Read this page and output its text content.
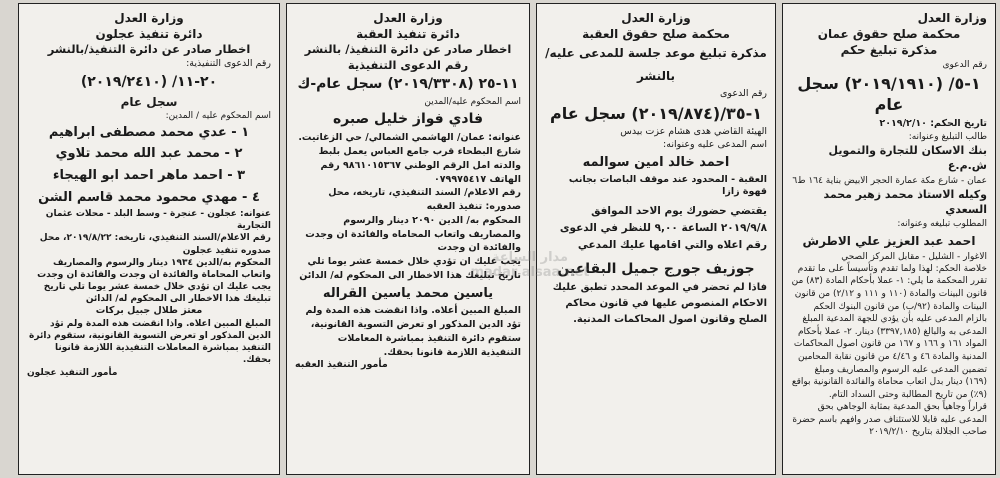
وزارة العدل
محكمة صلح حقوق عمان
مذكرة تبليغ حكم
رقم الدعوى
١-٥/ (٢٠١٩/١٩١٠) سجل عام
تاريخ الحكم: ٢٠١٩/٢/١٠
طالب التبليغ وعنوانه:
بنك الاسكان للتجارة والتمويل ش.م.ع
عمان - شارع مكة عمارة الحجر الابيض بناية ١٦٤ ط٦
وكيله الاستاذ محمد زهير محمد السعدي
المطلوب تبليغه وعنوانه:
احمد عبد العزيز علي الاطرش
الاغوار - الشليل - مقابل المركز الصحي
خلاصة الحكم: لهذا ولما تقدم وتأسيساً على ما تقدم تقرر المحكمة ما يلي: ١- عملا بأحكام المادة (٨٣) من قانون البينات والمادة (١١٠ و ١١١ و ٢/١٢) من قانون البينات والمادة (٩٢/ب) من قانون البنوك الحكم بالزام المدعى عليه بأن يؤدي للجهة المدعية المبلغ المدعى به والبالغ (٣٣٩٧,١٨٥) دينار. ٢- عملا بأحكام المواد ١٦١ و ١٦٦ و ١٦٧ من قانون اصول المحاكمات المدنية والمادة ٤٦ و ٤/٤٦ من قانون نقابة المحامين تضمين المدعى عليه الرسوم والمصاريف ومبلغ (١٦٩) دينار بدل اتعاب محاماة والفائدة القانونية بواقع (٩٪) من تاريخ المطالبة وحتى السداد التام.
قراراً وجاهياً بحق المدعية بمثابة الوجاهي بحق المدعى عليه قابلا للاستئناف صدر وافهم باسم حضرة صاحب الجلالة بتاريخ ٢٠١٩/٢/١٠
وزارة العدل
محكمة صلح حقوق العقبة
مذكرة تبليغ موعد جلسة للمدعى عليه/بالنشر
رقم الدعوى
١-٣٥/(٢٠١٩/٨٧٤) سجل عام
الهيئة القاضي هدى هشام عزت بيدس
اسم المدعى عليه وعنوانه:
احمد خالد امين سوالمه
العقبة - المحدود عند موقف الباصات بجانب قهوة زازا
يقتضي حضورك يوم الاحد الموافق ٢٠١٩/٩/٨ الساعة ٩,٠٠ للنظر في الدعوى رقم اعلاه والتي اقامها عليك المدعي
جوزيف جورج جميل البقاعين
فاذا لم تحضر في الموعد المحدد تطبق عليك الاحكام المنصوص عليها في قانون محاكم الصلح وقانون اصول المحاكمات المدنية.
وزارة العدل
دائرة تنفيذ العقبة
اخطار صادر عن دائرة التنفيذ/ بالنشر
رقم الدعوى التنفيذية
١١-٢٥ (٢٠١٩/٣٣٠٨) سجل عام-ك
اسم المحكوم عليه/المدين
فادي فواز خليل صبره
عنوانه: عمان/ الهاشمي الشمالي/ حي الزغاتيت. شارع البطحاء قرب جامع العباس يعمل بلبط والدته امل الرقم الوطني ٩٨٦١٠١٥٣٦٧ رقم الهاتف ٠٧٩٩٧٥٤١٧
رقم الاعلام/ السند التنفيذي، تاريخه، محل صدوره: تنفيذ العقبه
المحكوم به/ الدين ٢٠٩٠ دينار والرسوم والمصاريف واتعاب المحاماه والفائدة ان وجدت والفائدة ان وجدت
يجب عليك ان تؤدي خلال خمسة عشر يوما تلي تاريخ تبليغك هذا الاخطار الى المحكوم له/ الدائن
ياسين محمد ياسين القراله
المبلغ المبين أعلاه. واذا انقضت هذه المدة ولم تؤد الدين المذكور او تعرض التسوية القانونية، ستقوم دائرة التنفيذ بمباشرة المعاملات التنفيذية اللازمة قانونا بحقك.
مأمور التنفيذ العقبه
وزارة العدل
دائرة تنفيذ عجلون
اخطار صادر عن دائرة التنفيذ/بالنشر
رقم الدعوى التنفيذية:
٢٠-١١/ (٢٠١٩/٢٤١٠)
سجل عام
اسم المحكوم عليه / المدين:
١ - عدي محمد مصطفى ابراهيم
٢ - محمد عبد الله محمد تلاوي
٣ - احمد ماهر احمد ابو الهيجاء
٤ - مهدي محمود محمد قاسم الشن
عنوانه: عجلون - عنجرة - وسط البلد - محلات عثمان التجارية
رقم الاعلام/السند التنفيذي، تاريخه: ٢٠١٩/٨/٢٢، محل صدوره تنفيذ عجلون
المحكوم به/الدين ١٩٣٤ دينار والرسوم والمصاريف واتعاب المحاماة والفائدة ان وجدت والفائدة ان وجدت
يجب عليك ان تؤدي خلال خمسة عشر يوما تلي تاريخ تبليغك هذا الاخطار الى المحكوم له/ الدائن
معتز طلال جبيل بركات
المبلغ المبين اعلاه. واذا انقضت هذه المدة ولم تؤد الدين المذكور او تعرض التسوية القانونية، ستقوم دائرة التنفيذ بمباشرة المعاملات التنفيذية اللازمة قانونا بحقك.
مأمور التنفيذ عجلون
مدار الساعة madar alsaa.net
